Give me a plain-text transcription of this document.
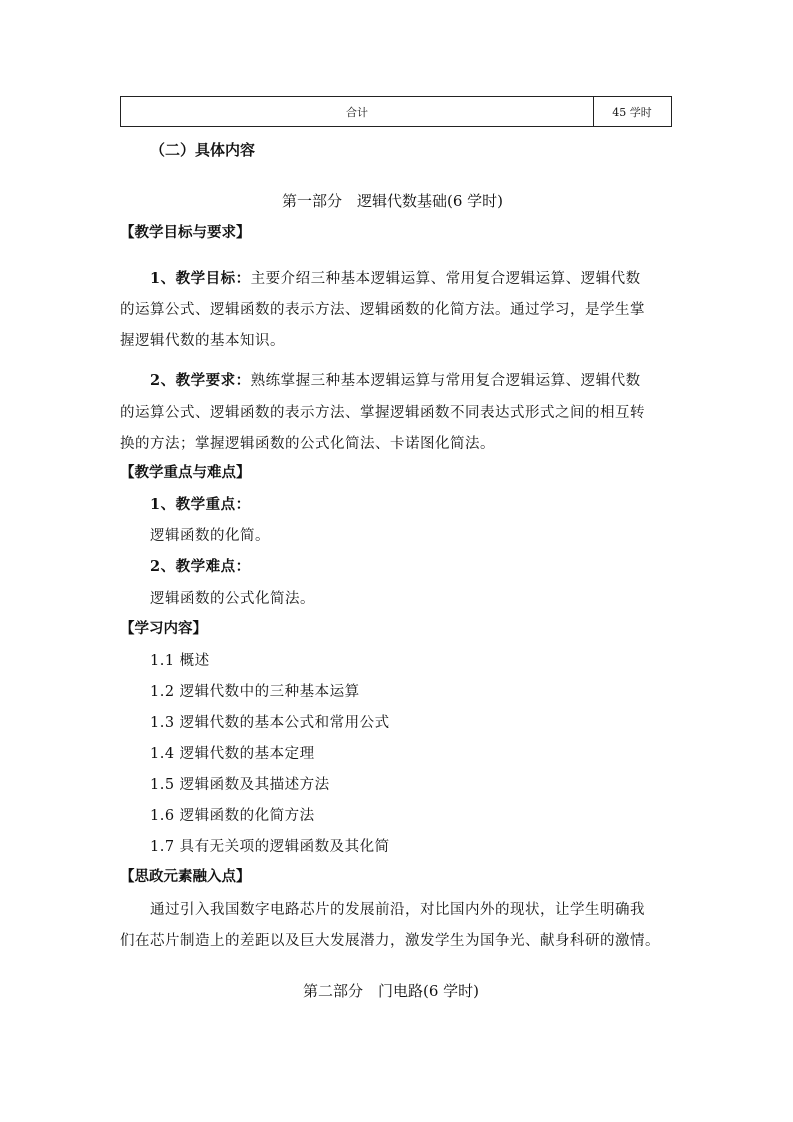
合计	45 学时
（二）具体内容
第一部分　逻辑代数基础(6 学时)
【教学目标与要求】
1、教学目标：主要介绍三种基本逻辑运算、常用复合逻辑运算、逻辑代数
的运算公式、逻辑函数的表示方法、逻辑函数的化简方法。通过学习，是学生掌
握逻辑代数的基本知识。
2、教学要求：熟练掌握三种基本逻辑运算与常用复合逻辑运算、逻辑代数
的运算公式、逻辑函数的表示方法、掌握逻辑函数不同表达式形式之间的相互转
换的方法；掌握逻辑函数的公式化简法、卡诺图化简法。
【教学重点与难点】
1、教学重点：
逻辑函数的化简。
2、教学难点：
逻辑函数的公式化简法。
【学习内容】
1.1 概述
1.2 逻辑代数中的三种基本运算
1.3 逻辑代数的基本公式和常用公式
1.4 逻辑代数的基本定理
1.5 逻辑函数及其描述方法
1.6 逻辑函数的化简方法
1.7 具有无关项的逻辑函数及其化简
【思政元素融入点】
通过引入我国数字电路芯片的发展前沿，对比国内外的现状，让学生明确我
们在芯片制造上的差距以及巨大发展潜力，激发学生为国争光、献身科研的激情。
第二部分　门电路(6 学时)
